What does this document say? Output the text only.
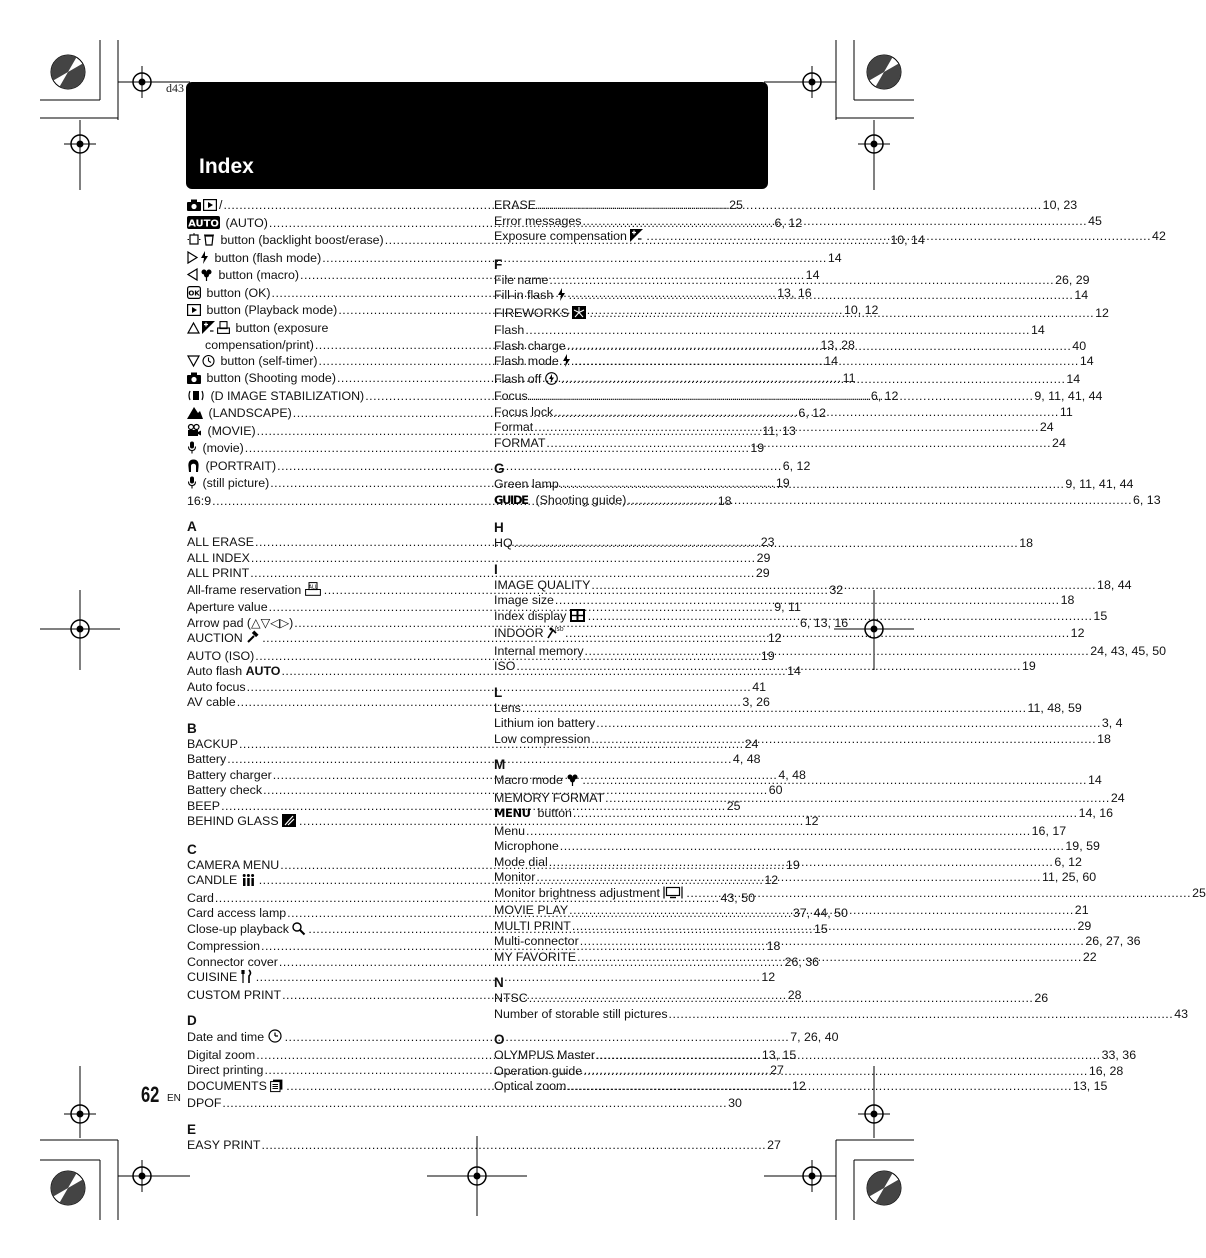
d43
Index
/ .....	25
AUTO (AUTO) .....	6, 12
button (backlight boost/erase) .....	10, 14
button (flash mode) .....	14
button (macro) .....	14
OK button (OK) .....	13, 16
button (Playback mode) .....	10, 12
button (exposure
compensation/print) .....	13, 28
button (self-timer) .....	14
button (Shooting mode) .....	11
(D IMAGE STABILIZATION) .....	6, 12
(LANDSCAPE) .....	6, 12
(MOVIE) .....	11, 13
(movie) .....	19
(PORTRAIT) .....	6, 12
(still picture) .....	19
16:9 .....	18
A
ALL ERASE .....	23
ALL INDEX .....	29
ALL PRINT .....	29
All-frame reservation ALL .....	32
Aperture value .....	9, 11
Arrow pad (△▽◁▷) .....	6, 13, 16
AUCTION .....	12
AUTO (ISO) .....	19
Auto flash AUTO .....	14
Auto focus .....	41
AV cable .....	3, 26
B
BACKUP .....	24
Battery .....	4, 48
Battery charger .....	4, 48
Battery check .....	60
BEEP .....	25
BEHIND GLASS .....	12
C
CAMERA MENU .....	19
CANDLE .....	12
Card .....	43, 50
Card access lamp .....	37, 44, 50
Close-up playback .....	15
Compression .....	18
Connector cover .....	26, 36
CUISINE .....	12
CUSTOM PRINT .....	28
D
Date and time .....	7, 26, 40
Digital zoom .....	13, 15
Direct printing .....	27
DOCUMENTS .....	12
DPOF .....	30
E
EASY PRINT .....	27
ERASE .....	10, 23
Error messages .....	45
Exposure compensation .....	42
F
File name .....	26, 29
Fill-in flash .....	14
FIREWORKS .....	12
Flash .....	14
Flash charge .....	40
Flash mode .....	14
Flash off .....	14
Focus .....	9, 11, 41, 44
Focus lock .....	11
Format .....	24
FORMAT .....	24
G
Green lamp .....	9, 11, 41, 44
GUIDE (Shooting guide) .....	6, 13
H
HQ .....	18
I
IMAGE QUALITY .....	18, 44
Image size .....	18
Index display .....	15
INDOOR ISO .....	12
Internal memory .....	24, 43, 45, 50
ISO .....	19
L
Lens .....	11, 48, 59
Lithium ion battery .....	3, 4
Low compression .....	18
M
Macro mode .....	14
MEMORY FORMAT .....	24
MENU button .....	14, 16
Menu .....	16, 17
Microphone .....	19, 59
Mode dial .....	6, 12
Monitor .....	11, 25, 60
Monitor brightness adjustment .....	25
MOVIE PLAY .....	21
MULTI PRINT .....	29
Multi-connector .....	26, 27, 36
MY FAVORITE .....	22
N
NTSC .....	26
Number of storable still pictures .....	43
O
OLYMPUS Master .....	33, 36
Operation guide .....	16, 28
Optical zoom .....	13, 15
62 EN
